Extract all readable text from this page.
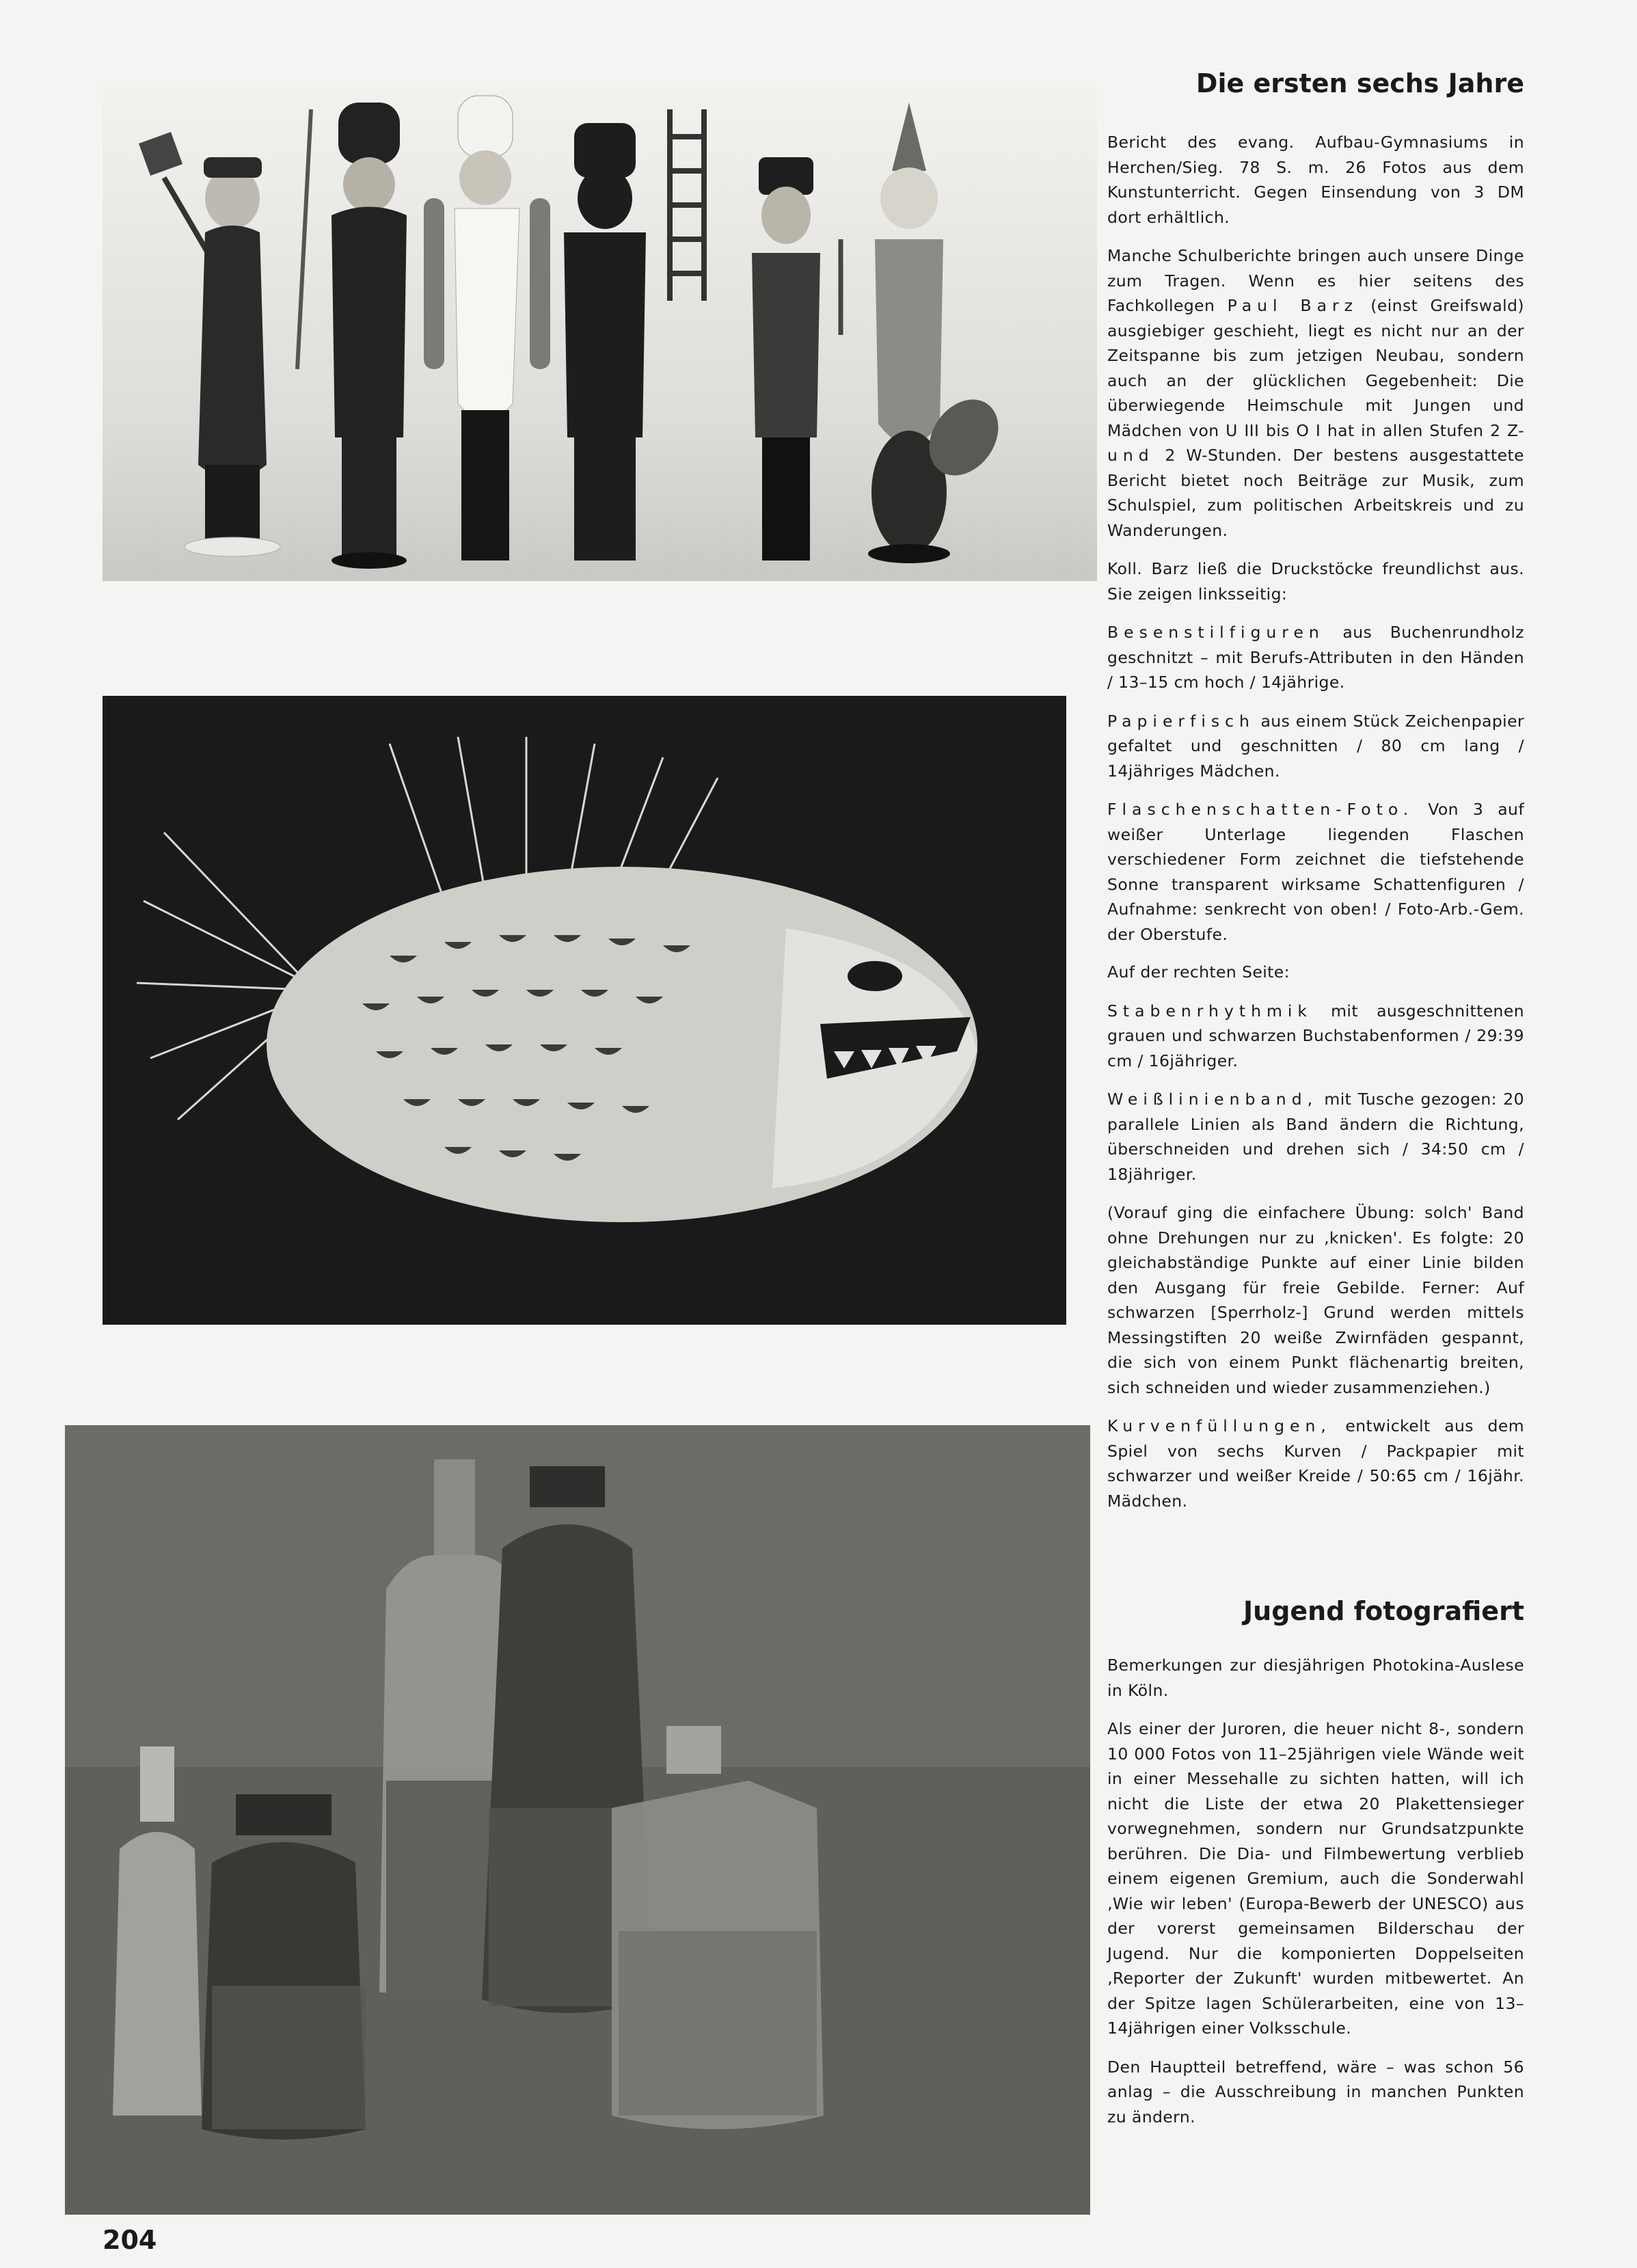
Die ersten sechs Jahre

Bericht des evang. Aufbau-Gymnasiums in Herchen/Sieg. 78 S. m. 26 Fotos aus dem Kunstunterricht. Gegen Einsendung von 3 DM dort erhältlich.

Manche Schulberichte bringen auch unsere Dinge zum Tragen. Wenn es hier seitens des Fachkollegen Paul Barz (einst Greifswald) ausgiebiger geschieht, liegt es nicht nur an der Zeitspanne bis zum jetzigen Neubau, sondern auch an der glücklichen Gegebenheit: Die überwiegende Heimschule mit Jungen und Mädchen von U III bis O I hat in allen Stufen 2 Z- und 2 W-Stunden. Der bestens ausgestattete Bericht bietet noch Beiträge zur Musik, zum Schulspiel, zum politischen Arbeitskreis und zu Wanderungen.

Koll. Barz ließ die Druckstöcke freundlichst aus. Sie zeigen linksseitig:

Besenstilfiguren aus Buchenrundholz geschnitzt – mit Berufs-Attributen in den Händen / 13–15 cm hoch / 14jährige.

Papierfisch aus einem Stück Zeichenpapier gefaltet und geschnitten / 80 cm lang / 14jähriges Mädchen.

Flaschenschatten-Foto. Von 3 auf weißer Unterlage liegenden Flaschen verschiedener Form zeichnet die tiefstehende Sonne transparent wirksame Schattenfiguren / Aufnahme: senkrecht von oben! / Foto-Arb.-Gem. der Oberstufe.

Auf der rechten Seite:

Stabenrhythmik mit ausgeschnittenen grauen und schwarzen Buchstabenformen / 29:39 cm / 16jähriger.

Weißlinienband, mit Tusche gezogen: 20 parallele Linien als Band ändern die Richtung, überschneiden und drehen sich / 34:50 cm / 18jähriger.

(Vorauf ging die einfachere Übung: solch' Band ohne Drehungen nur zu ‚knicken'. Es folgte: 20 gleichabständige Punkte auf einer Linie bilden den Ausgang für freie Gebilde. Ferner: Auf schwarzen [Sperrholz-] Grund werden mittels Messingstiften 20 weiße Zwirnfäden gespannt, die sich von einem Punkt flächenartig breiten, sich schneiden und wieder zusammenziehen.)

Kurvenfüllungen, entwickelt aus dem Spiel von sechs Kurven / Packpapier mit schwarzer und weißer Kreide / 50:65 cm / 16jähr. Mädchen.

Jugend fotografiert

Bemerkungen zur diesjährigen Photokina-Auslese in Köln.

Als einer der Juroren, die heuer nicht 8-, sondern 10 000 Fotos von 11–25jährigen viele Wände weit in einer Messehalle zu sichten hatten, will ich nicht die Liste der etwa 20 Plakettensieger vorwegnehmen, sondern nur Grundsatzpunkte berühren. Die Dia- und Filmbewertung verblieb einem eigenen Gremium, auch die Sonderwahl ‚Wie wir leben' (Europa-Bewerb der UNESCO) aus der vorerst gemeinsamen Bilderschau der Jugend. Nur die komponierten Doppelseiten ‚Reporter der Zukunft' wurden mitbewertet. An der Spitze lagen Schülerarbeiten, eine von 13–14jährigen einer Volksschule.

Den Hauptteil betreffend, wäre – was schon 56 anlag – die Ausschreibung in manchen Punkten zu ändern.

204
